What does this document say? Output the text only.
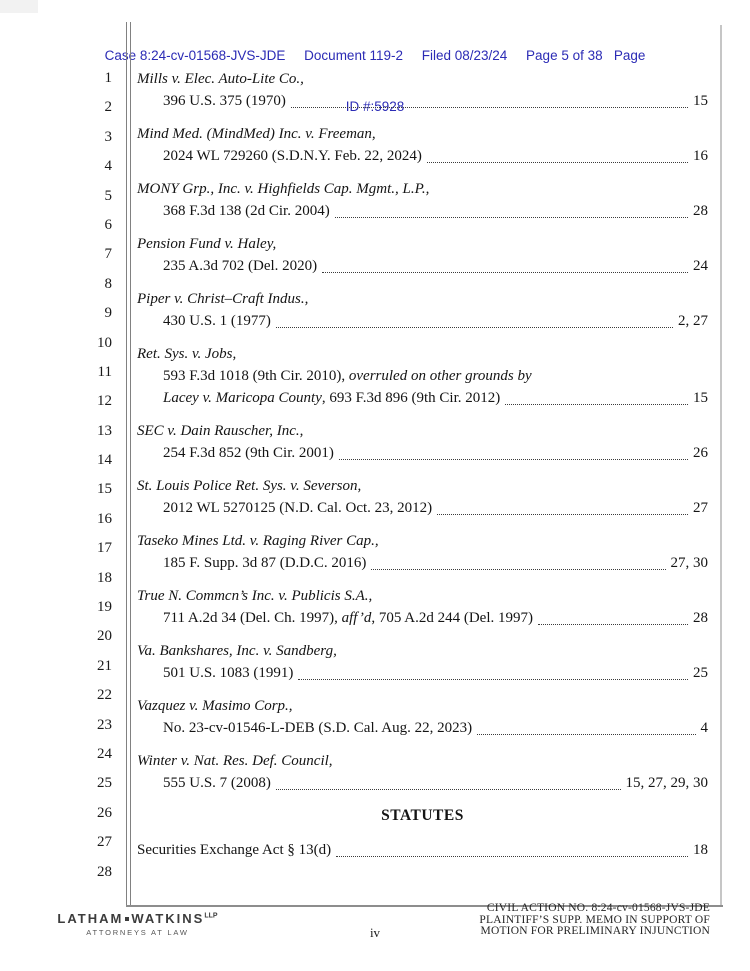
Case 8:24-cv-01568-JVS-JDE     Document 119-2     Filed 08/23/24     Page 5 of 38   Page

ID #:5928

1
2
3
4
5
6
7
8
9
10
11
12
13
14
15
16
17
18
19
20
21
22
23
24
25
26
27
28
Mills v. Elec. Auto-Lite Co.,
396 U.S. 375 (1970)	15
Mind Med. (MindMed) Inc. v. Freeman,
2024 WL 729260 (S.D.N.Y. Feb. 22, 2024)	16
MONY Grp., Inc. v. Highfields Cap. Mgmt., L.P.,
368 F.3d 138 (2d Cir. 2004)	28
Pension Fund v. Haley,
235 A.3d 702 (Del. 2020)	24
Piper v. Christ–Craft Indus.,
430 U.S. 1 (1977)	2, 27
Ret. Sys. v. Jobs,
593 F.3d 1018 (9th Cir. 2010), overruled on other grounds by
Lacey v. Maricopa County, 693 F.3d 896 (9th Cir. 2012)	15
SEC v. Dain Rauscher, Inc.,
254 F.3d 852 (9th Cir. 2001)	26
St. Louis Police Ret. Sys. v. Severson,
2012 WL 5270125 (N.D. Cal. Oct. 23, 2012)	27
Taseko Mines Ltd. v. Raging River Cap.,
185 F. Supp. 3d 87 (D.D.C. 2016)	27, 30
True N. Commcn’s Inc. v. Publicis S.A.,
711 A.2d 34 (Del. Ch. 1997), aff’d, 705 A.2d 244 (Del. 1997)	28
Va. Bankshares, Inc. v. Sandberg,
501 U.S. 1083 (1991)	25
Vazquez v. Masimo Corp.,
No. 23-cv-01546-L-DEB (S.D. Cal. Aug. 22, 2023)	4
Winter v. Nat. Res. Def. Council,
555 U.S. 7 (2008)	15, 27, 29, 30
STATUTES
Securities Exchange Act § 13(d)	18
LATHAM $WATKINS^{LLP}$
ATTORNEYS AT LAW
CIVIL ACTION NO. 8:24-cv-01568-JVS-JDE
PLAINTIFF’S SUPP. MEMO IN SUPPORT OF
MOTION FOR PRELIMINARY INJUNCTION
iv
